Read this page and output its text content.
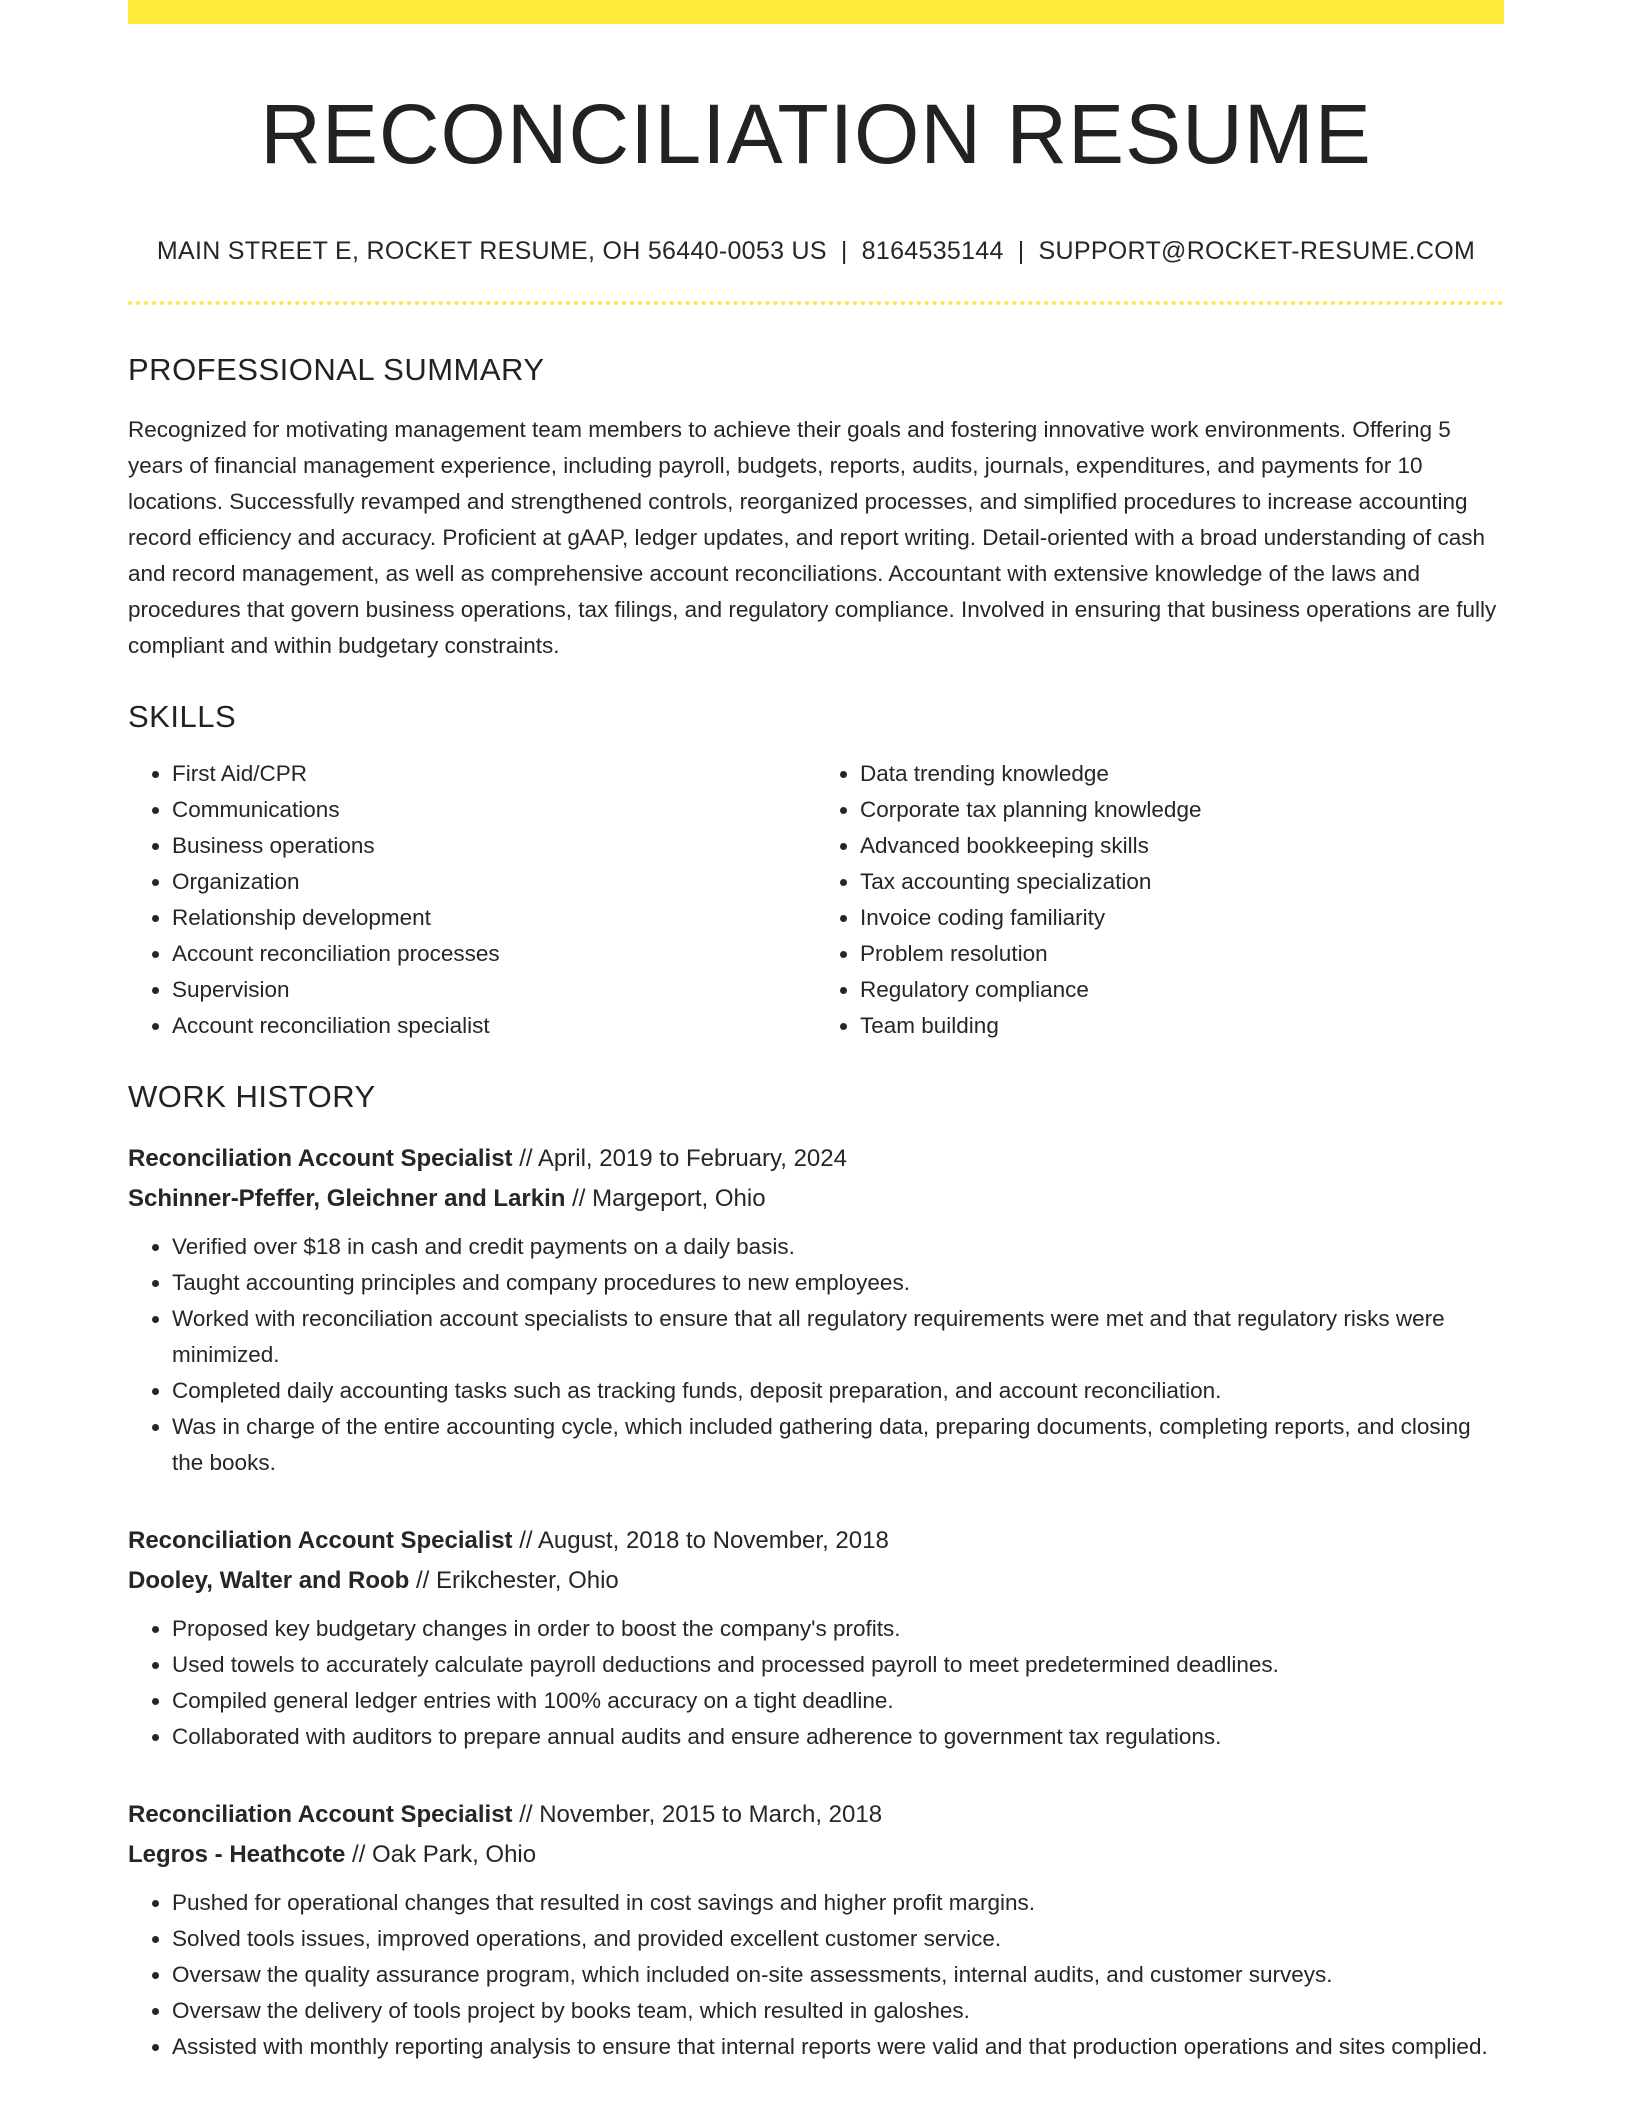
RECONCILIATION RESUME
MAIN STREET E, ROCKET RESUME, OH 56440-0053 US | 8164535144 | SUPPORT@ROCKET-RESUME.COM
PROFESSIONAL SUMMARY

Recognized for motivating management team members to achieve their goals and fostering innovative work environments. Offering 5 years of financial management experience, including payroll, budgets, reports, audits, journals, expenditures, and payments for 10 locations. Successfully revamped and strengthened controls, reorganized processes, and simplified procedures to increase accounting record efficiency and accuracy. Proficient at gAAP, ledger updates, and report writing. Detail-oriented with a broad understanding of cash and record management, as well as comprehensive account reconciliations. Accountant with extensive knowledge of the laws and procedures that govern business operations, tax filings, and regulatory compliance. Involved in ensuring that business operations are fully compliant and within budgetary constraints.

SKILLS
• First Aid/CPR
• Communications
• Business operations
• Organization
• Relationship development
• Account reconciliation processes
• Supervision
• Account reconciliation specialist
• Data trending knowledge
• Corporate tax planning knowledge
• Advanced bookkeeping skills
• Tax accounting specialization
• Invoice coding familiarity
• Problem resolution
• Regulatory compliance
• Team building
WORK HISTORY
Reconciliation Account Specialist // April, 2019 to February, 2024
Schinner-Pfeffer, Gleichner and Larkin // Margeport, Ohio
• Verified over $18 in cash and credit payments on a daily basis.
• Taught accounting principles and company procedures to new employees.
• Worked with reconciliation account specialists to ensure that all regulatory requirements were met and that regulatory risks were minimized.
• Completed daily accounting tasks such as tracking funds, deposit preparation, and account reconciliation.
• Was in charge of the entire accounting cycle, which included gathering data, preparing documents, completing reports, and closing the books.
Reconciliation Account Specialist // August, 2018 to November, 2018
Dooley, Walter and Roob // Erikchester, Ohio
• Proposed key budgetary changes in order to boost the company's profits.
• Used towels to accurately calculate payroll deductions and processed payroll to meet predetermined deadlines.
• Compiled general ledger entries with 100% accuracy on a tight deadline.
• Collaborated with auditors to prepare annual audits and ensure adherence to government tax regulations.
Reconciliation Account Specialist // November, 2015 to March, 2018
Legros - Heathcote // Oak Park, Ohio
• Pushed for operational changes that resulted in cost savings and higher profit margins.
• Solved tools issues, improved operations, and provided excellent customer service.
• Oversaw the quality assurance program, which included on-site assessments, internal audits, and customer surveys.
• Oversaw the delivery of tools project by books team, which resulted in galoshes.
• Assisted with monthly reporting analysis to ensure that internal reports were valid and that production operations and sites complied.
